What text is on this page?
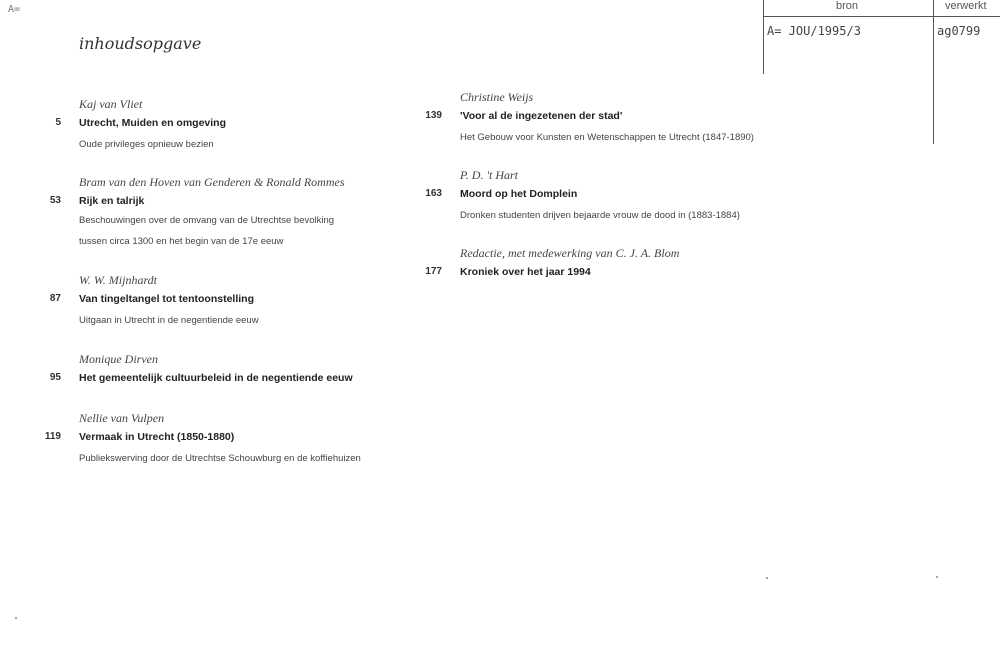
A=	bron	verwerkt
A= JOU/1995/3	ag0799
inhoudsopgave
Kaj van Vliet
5 Utrecht, Muiden en omgeving
Oude privileges opnieuw bezien
Bram van den Hoven van Genderen & Ronald Rommes
53 Rijk en talrijk
Beschouwingen over de omvang van de Utrechtse bevolking
tussen circa 1300 en het begin van de 17e eeuw
W. W. Mijnhardt
87 Van tingeltangel tot tentoonstelling
Uitgaan in Utrecht in de negentiende eeuw
Monique Dirven
95 Het gemeentelijk cultuurbeleid in de negentiende eeuw
Nellie van Vulpen
119 Vermaak in Utrecht (1850-1880)
Publiekswerving door de Utrechtse Schouwburg en de koffiehuizen
Christine Weijs
139 'Voor al de ingezetenen der stad'
Het Gebouw voor Kunsten en Wetenschappen te Utrecht (1847-1890)
P. D. 't Hart
163 Moord op het Domplein
Dronken studenten drijven bejaarde vrouw de dood in (1883-1884)
Redactie, met medewerking van C. J. A. Blom
177 Kroniek over het jaar 1994
